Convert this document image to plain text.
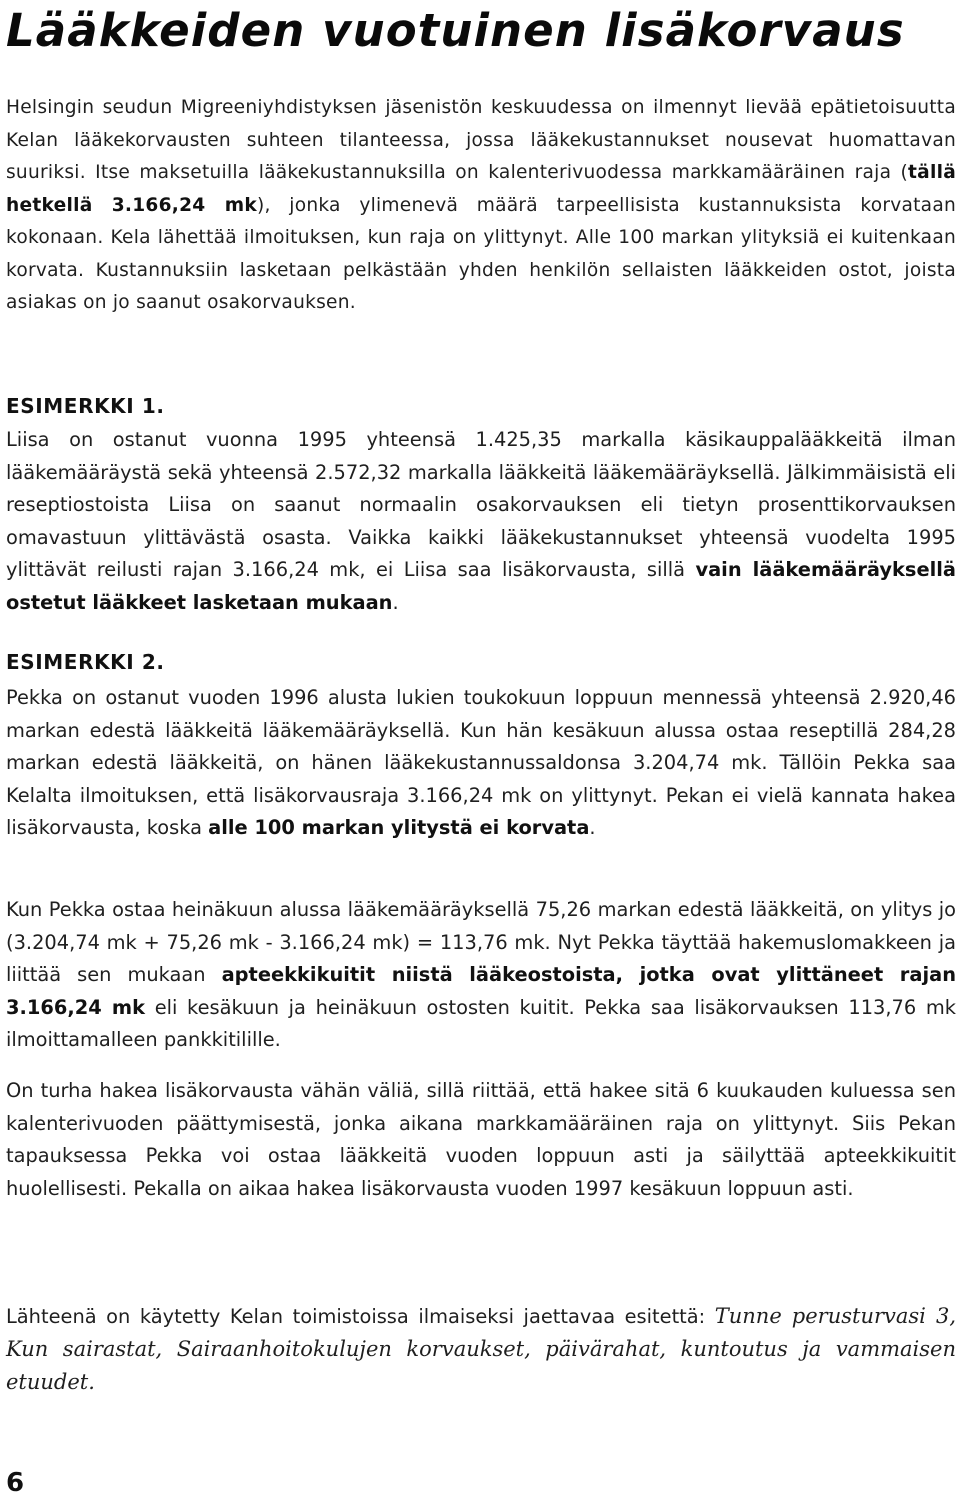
Lääkkeiden vuotuinen lisäkorvaus

Helsingin seudun Migreeniyhdistyksen jäsenistön keskuudessa on ilmennyt lievää epätietoisuutta Kelan lääkekorvausten suhteen tilanteessa, jossa lääkekustannukset nousevat huomattavan suuriksi. Itse maksetuilla lääkekustannuksilla on kalenterivuodessa markkamääräinen raja (tällä hetkellä 3.166,24 mk), jonka ylimenevä määrä tarpeellisista kustannuksista korvataan kokonaan. Kela lähettää ilmoituksen, kun raja on ylittynyt. Alle 100 markan ylityksiä ei kuitenkaan korvata. Kustannuksiin lasketaan pelkästään yhden henkilön sellaisten lääkkeiden ostot, joista asiakas on jo saanut osakorvauksen.

ESIMERKKI 1.

Liisa on ostanut vuonna 1995 yhteensä 1.425,35 markalla käsikauppalääkkeitä ilman lääkemääräystä sekä yhteensä 2.572,32 markalla lääkkeitä lääkemääräyksellä. Jälkimmäisistä eli reseptiostoista Liisa on saanut normaalin osakorvauksen eli tietyn prosenttikorvauksen omavastuun ylittävästä osasta. Vaikka kaikki lääkekustannukset yhteensä vuodelta 1995 ylittävät reilusti rajan 3.166,24 mk, ei Liisa saa lisäkorvausta, sillä vain lääkemääräyksellä ostetut lääkkeet lasketaan mukaan.

ESIMERKKI 2.

Pekka on ostanut vuoden 1996 alusta lukien toukokuun loppuun mennessä yhteensä 2.920,46 markan edestä lääkkeitä lääkemääräyksellä. Kun hän kesäkuun alussa ostaa reseptillä 284,28 markan edestä lääkkeitä, on hänen lääkekustannussaldonsa 3.204,74 mk. Tällöin Pekka saa Kelalta ilmoituksen, että lisäkorvausraja 3.166,24 mk on ylittynyt. Pekan ei vielä kannata hakea lisäkorvausta, koska alle 100 markan ylitystä ei korvata.

Kun Pekka ostaa heinäkuun alussa lääkemääräyksellä 75,26 markan edestä lääkkeitä, on ylitys jo (3.204,74 mk + 75,26 mk - 3.166,24 mk) = 113,76 mk. Nyt Pekka täyttää hakemuslomakkeen ja liittää sen mukaan apteekkikuitit niistä lääkeostoista, jotka ovat ylittäneet rajan 3.166,24 mk eli kesäkuun ja heinäkuun ostosten kuitit. Pekka saa lisäkorvauksen 113,76 mk ilmoittamalleen pankkitilille.

On turha hakea lisäkorvausta vähän väliä, sillä riittää, että hakee sitä 6 kuukauden kuluessa sen kalenterivuoden päättymisestä, jonka aikana markkamääräinen raja on ylittynyt. Siis Pekan tapauksessa Pekka voi ostaa lääkkeitä vuoden loppuun asti ja säilyttää apteekkikuitit huolellisesti. Pekalla on aikaa hakea lisäkorvausta vuoden 1997 kesäkuun loppuun asti.

Lähteenä on käytetty Kelan toimistoissa ilmaiseksi jaettavaa esitettä: Tunne perusturvasi 3, Kun sairastat, Sairaanhoitokulujen korvaukset, päivärahat, kuntoutus ja vammaisen etuudet.

6
